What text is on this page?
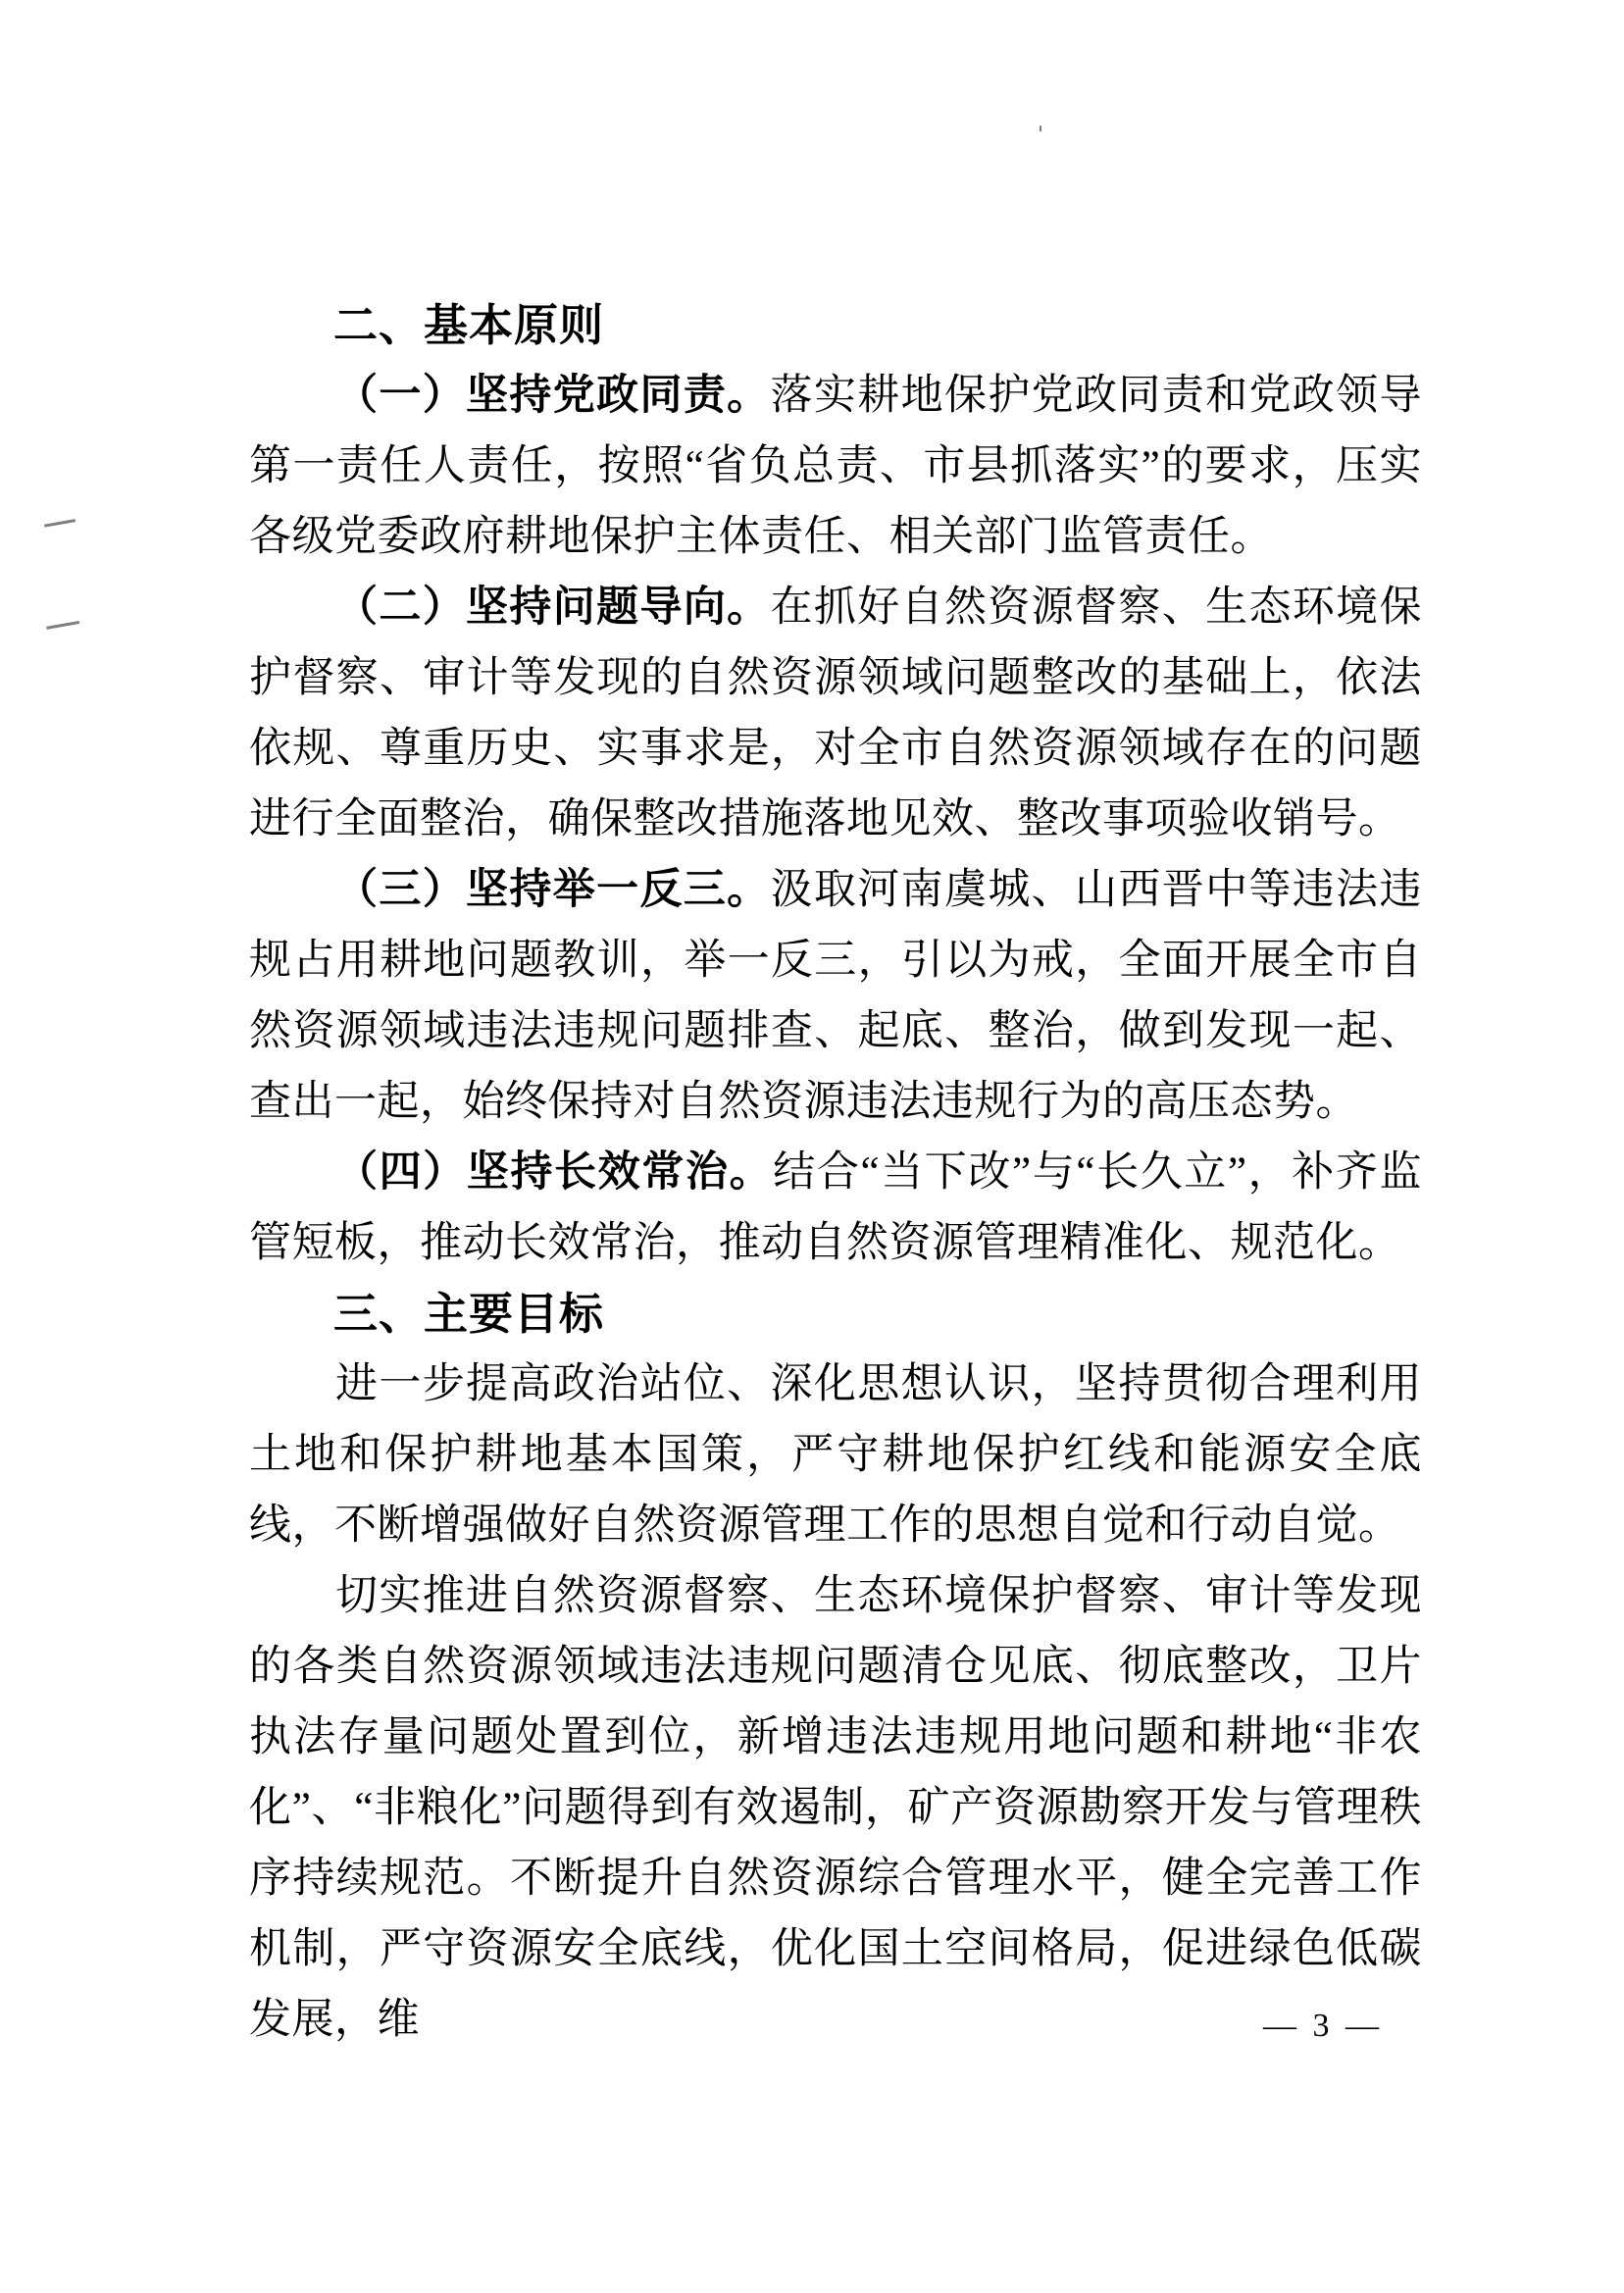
二、基本原则

（一）坚持党政同责。落实耕地保护党政同责和党政领导第一责任人责任，按照“省负总责、市县抓落实”的要求，压实各级党委政府耕地保护主体责任、相关部门监管责任。

（二）坚持问题导向。在抓好自然资源督察、生态环境保护督察、审计等发现的自然资源领域问题整改的基础上，依法依规、尊重历史、实事求是，对全市自然资源领域存在的问题进行全面整治，确保整改措施落地见效、整改事项验收销号。

（三）坚持举一反三。汲取河南虞城、山西晋中等违法违规占用耕地问题教训，举一反三，引以为戒，全面开展全市自然资源领域违法违规问题排查、起底、整治，做到发现一起、查出一起，始终保持对自然资源违法违规行为的高压态势。

（四）坚持长效常治。结合“当下改”与“长久立”，补齐监管短板，推动长效常治，推动自然资源管理精准化、规范化。

三、主要目标

进一步提高政治站位、深化思想认识，坚持贯彻合理利用土地和保护耕地基本国策，严守耕地保护红线和能源安全底线，不断增强做好自然资源管理工作的思想自觉和行动自觉。

切实推进自然资源督察、生态环境保护督察、审计等发现的各类自然资源领域违法违规问题清仓见底、彻底整改，卫片执法存量问题处置到位，新增违法违规用地问题和耕地“非农化”、“非粮化”问题得到有效遏制，矿产资源勘察开发与管理秩序持续规范。不断提升自然资源综合管理水平，健全完善工作机制，严守资源安全底线，优化国土空间格局，促进绿色低碳发展，维	— 3 —
